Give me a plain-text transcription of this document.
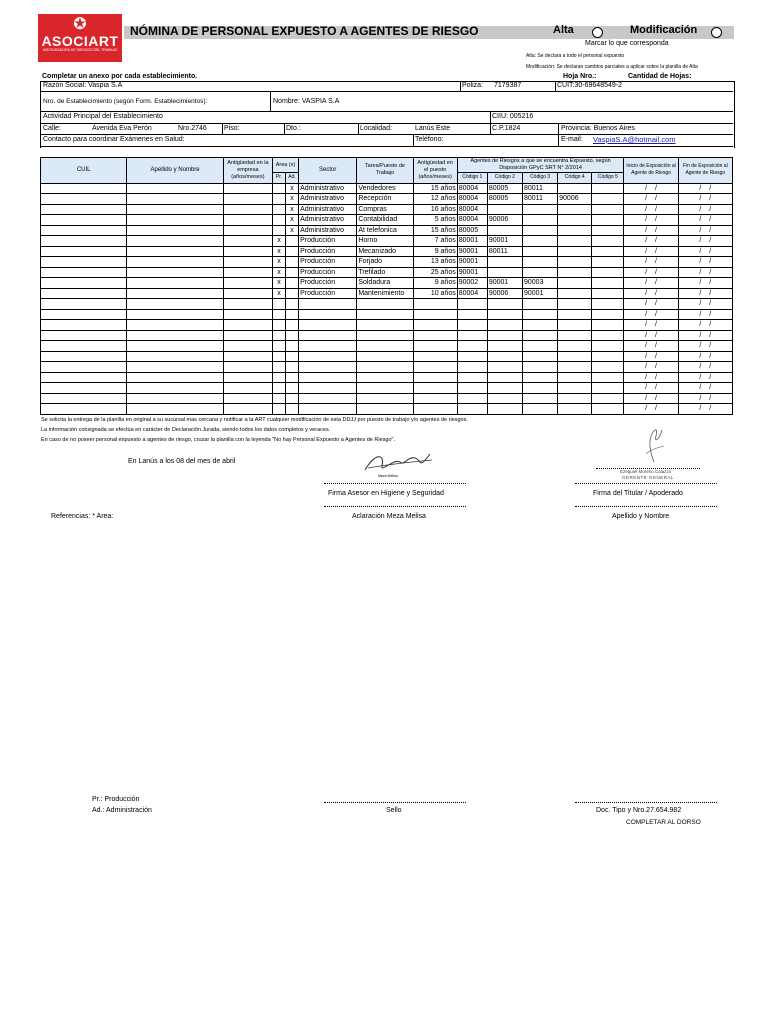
✪
ASOCIART
ASEGURADORA DE RIESGOS DEL TRABAJO
NÓMINA DE PERSONAL EXPUESTO A AGENTES DE RIESGO	Alta	Modificación
Marcar lo que corresponda
Alta: Se declara a todo el personal expuesto
Modificación: Se declaran cambios parciales a aplicar sobre la planilla de Alta
Completar un anexo por cada establecimiento.	Hoja Nro.:	Cantidad de Hojas:
Razón Social: Vaspia S.A	Poliza: 7179387	CUIT:30-69648549-2
Nro. de Establecimiento (según Form. Establecimientos):	Nombre: VASPIA S.A
Actividad Principal del Establecimiento	CIIU: 005216
Calle:	Avenida Eva Perón	Nro.2746 Piso:	Dto.:	Localidad:	Lanús Este	C.P.1824	Provincia: Buenos Aires
Contacto para coordinar Exámenes en Salud:	Teléfono:	E-mail: VaspiaS.A@hotmail.com
CUIL	Apellido y Nombre	Antigüedad en la empresa (años/meses)	Area (x)		Sector	Tarea/Puesto de Trabajo	Antigüedad en el puesto (años/meses)	Agentes de Riesgos a que se encuentra Expuesto, según Disposición GPyC SRT N° 2/2014					Inicio de Exposición al Agente de Riesgo	Fin de Exposición al Agente de Riesgo
			Pr.	Ad.				Código 1	Código 2	Código 3	Código 4	Código 5		

				x	Administrativo	Vendedores	15 años	80004	80005	80011			/ /	/ /
				x	Administrativo	Recepción	12 años	80004	80005	80011	90006		/ /	/ /
				x	Administrativo	Compras	16 años	80004					/ /	/ /
				x	Administrativo	Contabilidad	5 años	80004	90006				/ /	/ /
				x	Administrativo	At telefonica	15 años	80005					/ /	/ /
			x		Producción	Horno	7 años	80001	90001				/ /	/ /
			x		Producción	Mecanizado	9 años	90001	80011				/ /	/ /
			x		Producción	Forjado	13 años	90001					/ /	/ /
			x		Producción	Trefilado	25 años	90001					/ /	/ /
			x		Producción	Soldadura	9 años	90002	90001	90003			/ /	/ /
			x		Producción	Mantenimiento	10 años	80004	90006	90001			/ /	/ /
													/ /	/ /
													/ /	/ /
													/ /	/ /
													/ /	/ /
													/ /	/ /
													/ /	/ /
													/ /	/ /
													/ /	/ /
													/ /	/ /
													/ /	/ /
													/ /	/ /
Se solicita la entrega de la planilla en original a su sucursal mas cercana y notificar a la ART cualquier modificación de esta DDJJ por puesto de trabajo y/o agentes de riesgos.
La información consignada se efectúa en carácter de Declaración Jurada, siendo todos los datos completos y veraces.
En caso de no poseer personal expuesto a agentes de riesgo, cruzar la planilla con la leyenda "No hay Personal Expuesto a Agentes de Riesgo".
En Lanús a los 08 del mes de abril
Meza Melisa
Ezequiel Moreno Caiazzo
GERENTE GENERAL
Firma Asesor en Higiene y Seguridad	Firma del Titular / Apoderado
Referencias: * Area:	Aclaración Meza Melisa	Apellido y Nombre
Pr.: Producción
Ad.: Administración	Sello	Doc. Tipo y Nro.27.654.982
COMPLETAR AL DORSO
